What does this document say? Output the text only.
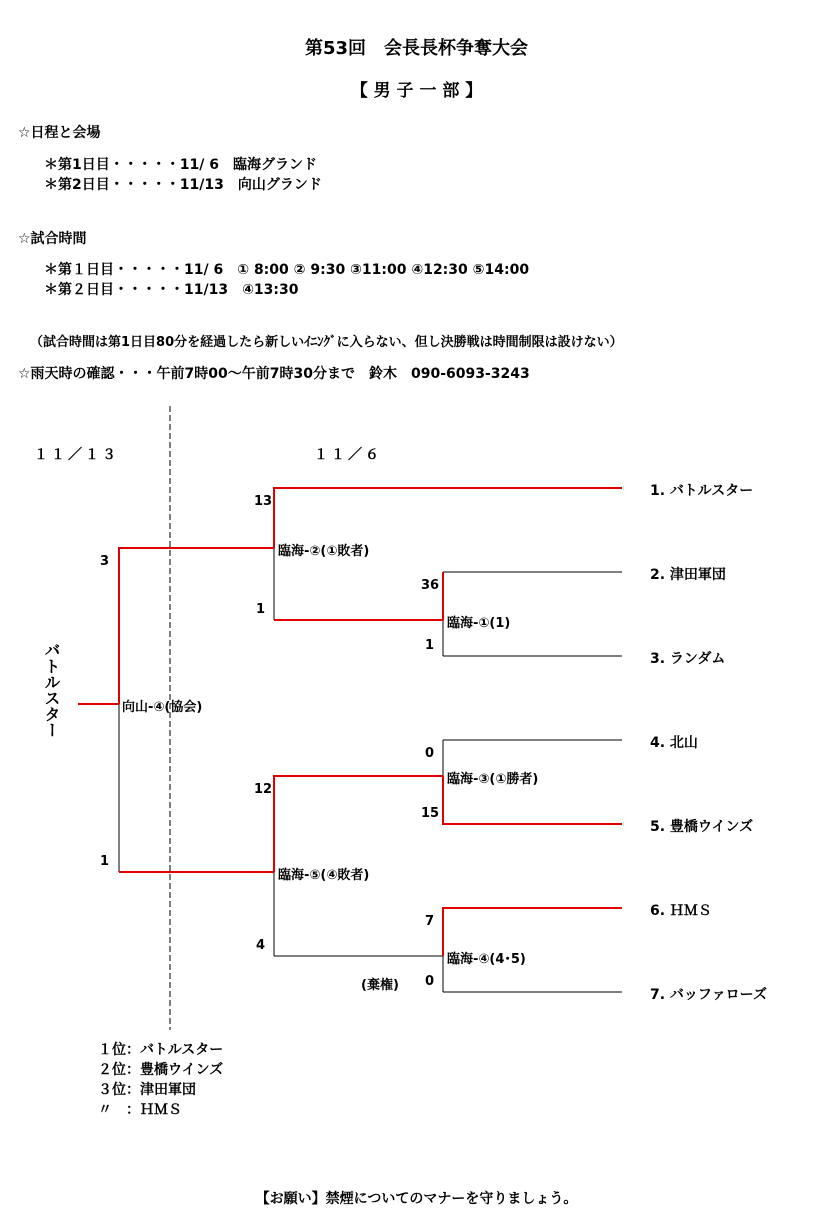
第53回　会長長杯争奪大会
【 男 子 一 部 】
☆日程と会場
＊第1日目・・・・・11/ 6　臨海グランド
＊第2日目・・・・・11/13　向山グランド
☆試合時間
＊第１日目・・・・・11/ 6　① 8:00 ② 9:30 ③11:00 ④12:30 ⑤14:00
＊第２日目・・・・・11/13　④13:30
（試合時間は第1日目80分を経過したら新しいｲﾆﾝｸﾞに入らない、但し決勝戦は時間制限は設けない）
☆雨天時の確認・・・午前7時00～午前7時30分まで　鈴木　090-6093-3243
１１／１３	１１／６
バトルスター
1. バトルスター
2. 津田軍団
3. ランダム
4. 北山
5. 豊橋ウインズ
6. ＨＭＳ
7. バッファローズ
臨海-①(1)
臨海-②(①敗者)
臨海-③(①勝者)
臨海-④(4･5)
臨海-⑤(④敗者)
向山-④(協会)
36
1
13
1
0
15
7
0
(棄権)
12
4
3
1
１位：バトルスター
２位：豊橋ウインズ
３位：津田軍団
〃　：ＨＭＳ
【お願い】禁煙についてのマナーを守りましょう。
